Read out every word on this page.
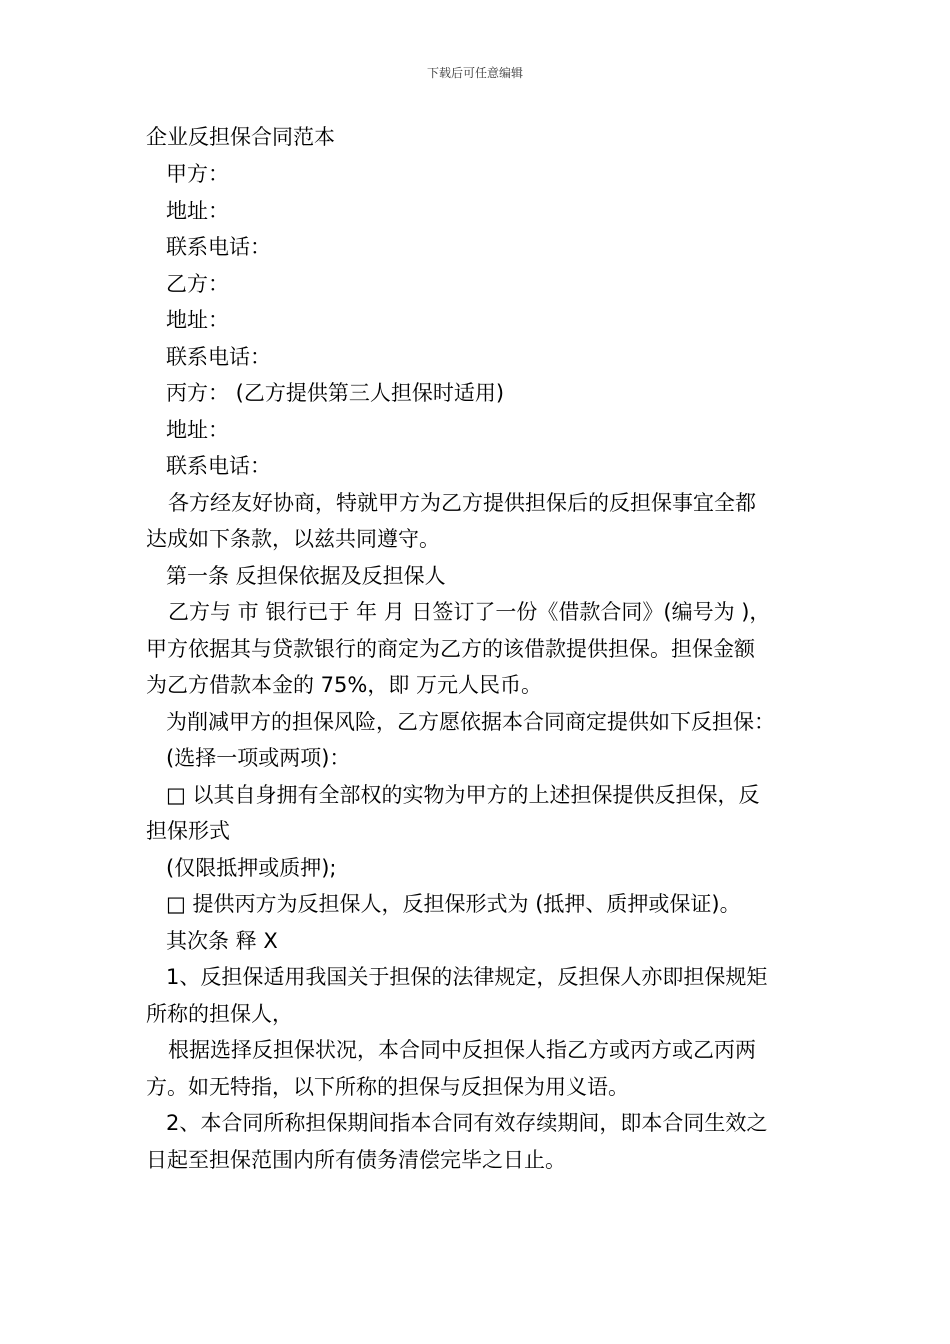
下载后可任意编辑
企业反担保合同范本

甲方：

地址：

联系电话：

乙方：

地址：

联系电话：

丙方： (乙方提供第三人担保时适用)

地址：

联系电话：

各方经友好协商，特就甲方为乙方提供担保后的反担保事宜全都

达成如下条款，以兹共同遵守。

第一条 反担保依据及反担保人

乙方与 市 银行已于 年 月 日签订了一份《借款合同》(编号为 )，

甲方依据其与贷款银行的商定为乙方的该借款提供担保。担保金额

为乙方借款本金的 75%，即 万元人民币。

为削减甲方的担保风险，乙方愿依据本合同商定提供如下反担保：

(选择一项或两项)：

□ 以其自身拥有全部权的实物为甲方的上述担保提供反担保，反

担保形式

(仅限抵押或质押);

□ 提供丙方为反担保人，反担保形式为 (抵押、质押或保证)。

其次条 释 X

1、反担保适用我国关于担保的法律规定，反担保人亦即担保规矩

所称的担保人，

根据选择反担保状况，本合同中反担保人指乙方或丙方或乙丙两

方。如无特指，以下所称的担保与反担保为用义语。

2、本合同所称担保期间指本合同有效存续期间，即本合同生效之

日起至担保范围内所有债务清偿完毕之日止。
